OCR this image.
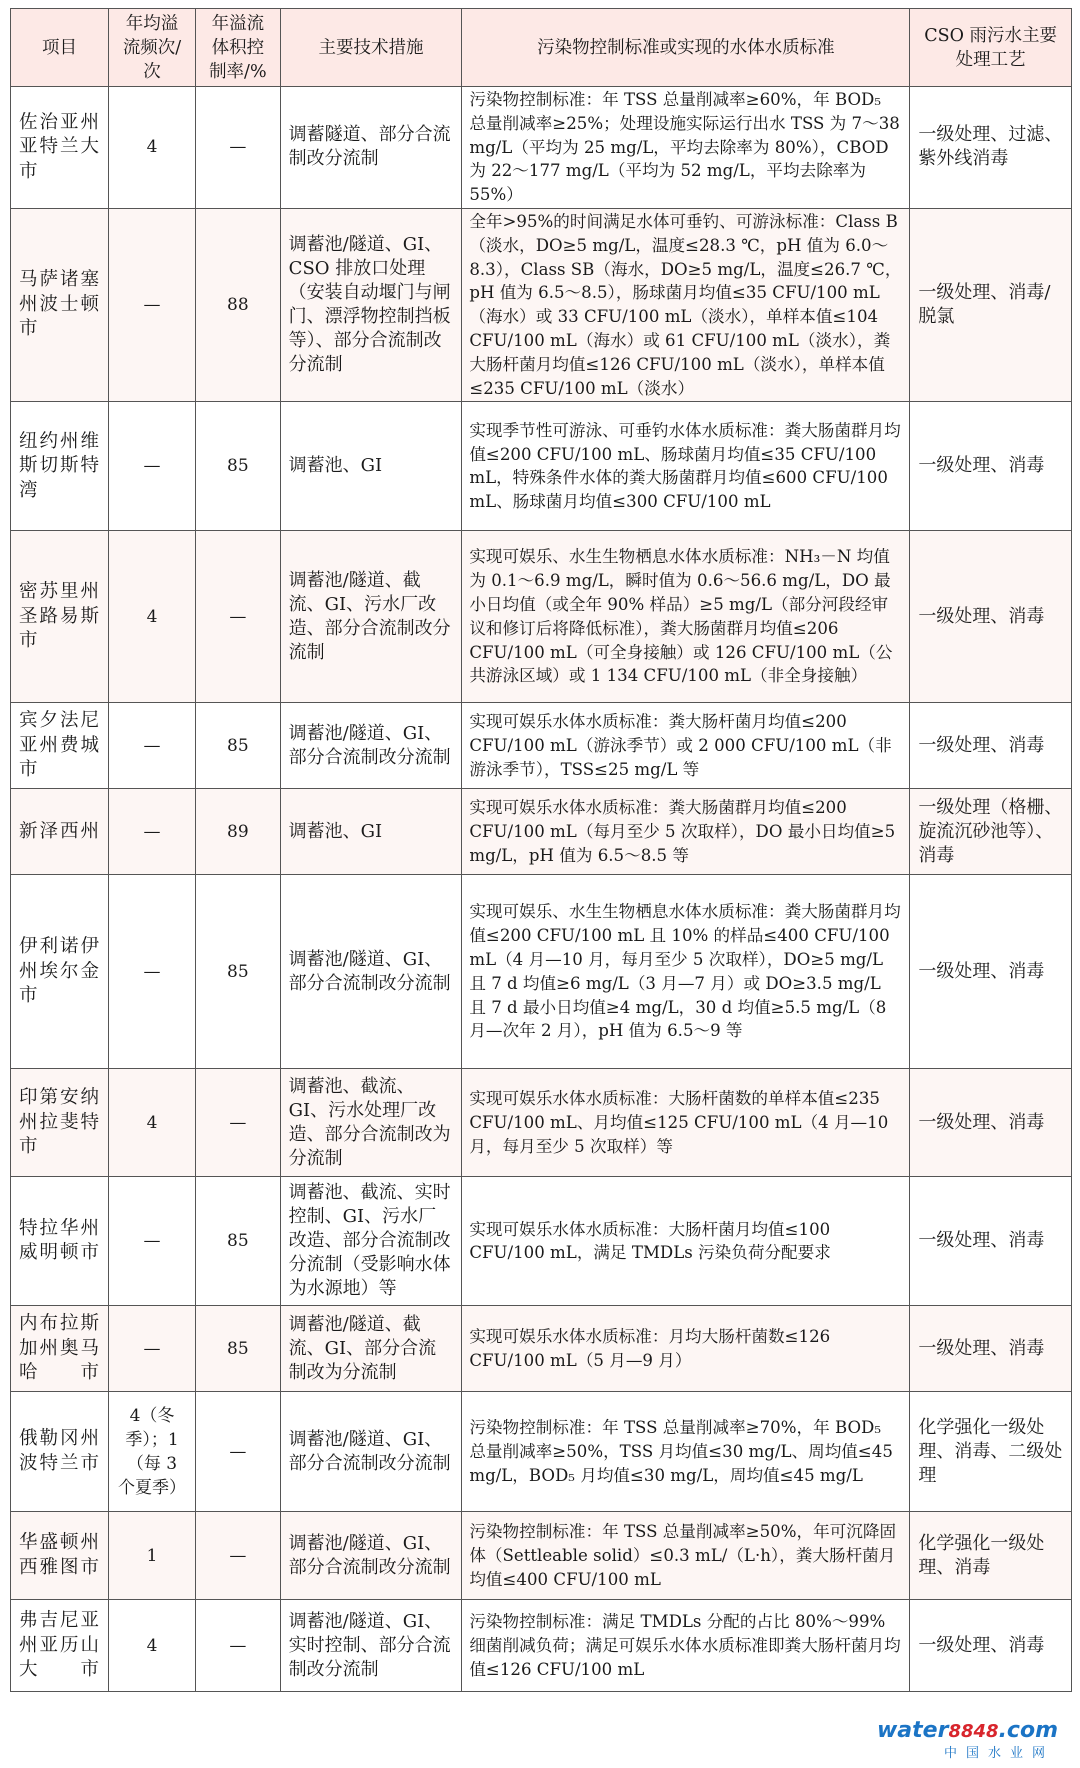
项目	年均溢流频次/次	年溢流体积控制率/%	主要技术措施	污染物控制标准或实现的水体水质标准	CSO 雨污水主要处理工艺
佐治亚州亚特兰大市	4	—	调蓄隧道、部分合流制改分流制	污染物控制标准：年 TSS 总量削减率≥60%，年 BOD₅ 总量削减率≥25%；处理设施实际运行出水 TSS 为 7～38 mg/L（平均为 25 mg/L，平均去除率为 80%），CBOD 为 22～177 mg/L（平均为 52 mg/L，平均去除率为 55%）	一级处理、过滤、紫外线消毒
马萨诸塞州波士顿市	—	88	调蓄池/隧道、GI、CSO 排放口处理（安装自动堰门与闸门、漂浮物控制挡板等）、部分合流制改分流制	全年>95%的时间满足水体可垂钓、可游泳标准：Class B（淡水，DO≥5 mg/L，温度≤28.3 ℃，pH 值为 6.0～8.3），Class SB（海水，DO≥5 mg/L，温度≤26.7 ℃，pH 值为 6.5～8.5），肠球菌月均值≤35 CFU/100 mL（海水）或 33 CFU/100 mL（淡水），单样本值≤104 CFU/100 mL（海水）或 61 CFU/100 mL（淡水），粪大肠杆菌月均值≤126 CFU/100 mL（淡水），单样本值≤235 CFU/100 mL（淡水）	一级处理、消毒/脱氯
纽约州维斯切斯特湾	—	85	调蓄池、GI	实现季节性可游泳、可垂钓水体水质标准：粪大肠菌群月均值≤200 CFU/100 mL、肠球菌月均值≤35 CFU/100 mL，特殊条件水体的粪大肠菌群月均值≤600 CFU/100 mL、肠球菌月均值≤300 CFU/100 mL	一级处理、消毒
密苏里州圣路易斯市	4	—	调蓄池/隧道、截流、GI、污水厂改造、部分合流制改分流制	实现可娱乐、水生生物栖息水体水质标准：NH₃－N 均值为 0.1～6.9 mg/L，瞬时值为 0.6～56.6 mg/L，DO 最小日均值（或全年 90% 样品）≥5 mg/L（部分河段经审议和修订后将降低标准），粪大肠菌群月均值≤206 CFU/100 mL（可全身接触）或 126 CFU/100 mL（公共游泳区域）或 1 134 CFU/100 mL（非全身接触）	一级处理、消毒
宾夕法尼亚州费城市	—	85	调蓄池/隧道、GI、部分合流制改分流制	实现可娱乐水体水质标准：粪大肠杆菌月均值≤200 CFU/100 mL（游泳季节）或 2 000 CFU/100 mL（非游泳季节），TSS≤25 mg/L 等	一级处理、消毒
新泽西州	—	89	调蓄池、GI	实现可娱乐水体水质标准：粪大肠菌群月均值≤200 CFU/100 mL（每月至少 5 次取样），DO 最小日均值≥5 mg/L，pH 值为 6.5～8.5 等	一级处理（格栅、旋流沉砂池等）、消毒
伊利诺伊州埃尔金市	—	85	调蓄池/隧道、GI、部分合流制改分流制	实现可娱乐、水生生物栖息水体水质标准：粪大肠菌群月均值≤200 CFU/100 mL 且 10% 的样品≤400 CFU/100 mL（4 月—10 月，每月至少 5 次取样），DO≥5 mg/L 且 7 d 均值≥6 mg/L（3 月—7 月）或 DO≥3.5 mg/L 且 7 d 最小日均值≥4 mg/L，30 d 均值≥5.5 mg/L（8 月—次年 2 月），pH 值为 6.5～9 等	一级处理、消毒
印第安纳州拉斐特市	4	—	调蓄池、截流、GI、污水处理厂改造、部分合流制改为分流制	实现可娱乐水体水质标准：大肠杆菌数的单样本值≤235 CFU/100 mL、月均值≤125 CFU/100 mL（4 月—10 月，每月至少 5 次取样）等	一级处理、消毒
特拉华州威明顿市	—	85	调蓄池、截流、实时控制、GI、污水厂改造、部分合流制改分流制（受影响水体为水源地）等	实现可娱乐水体水质标准：大肠杆菌月均值≤100 CFU/100 mL，满足 TMDLs 污染负荷分配要求	一级处理、消毒
内布拉斯加州奥马哈市	—	85	调蓄池/隧道、截流、GI、部分合流制改为分流制	实现可娱乐水体水质标准：月均大肠杆菌数≤126 CFU/100 mL（5 月—9 月）	一级处理、消毒
俄勒冈州波特兰市	4（冬季）；1（每 3 个夏季）	—	调蓄池/隧道、GI、部分合流制改分流制	污染物控制标准：年 TSS 总量削减率≥70%，年 BOD₅ 总量削减率≥50%，TSS 月均值≤30 mg/L、周均值≤45 mg/L，BOD₅ 月均值≤30 mg/L，周均值≤45 mg/L	化学强化一级处理、消毒、二级处理
华盛顿州西雅图市	1	—	调蓄池/隧道、GI、部分合流制改分流制	污染物控制标准：年 TSS 总量削减率≥50%，年可沉降固体（Settleable solid）≤0.3 mL/（L·h），粪大肠杆菌月均值≤400 CFU/100 mL	化学强化一级处理、消毒
弗吉尼亚州亚历山大市	4	—	调蓄池/隧道、GI、实时控制、部分合流制改分流制	污染物控制标准：满足 TMDLs 分配的占比 80%～99% 细菌削减负荷；满足可娱乐水体水质标准即粪大肠杆菌月均值≤126 CFU/100 mL	一级处理、消毒
water8848.com
中国水业网
